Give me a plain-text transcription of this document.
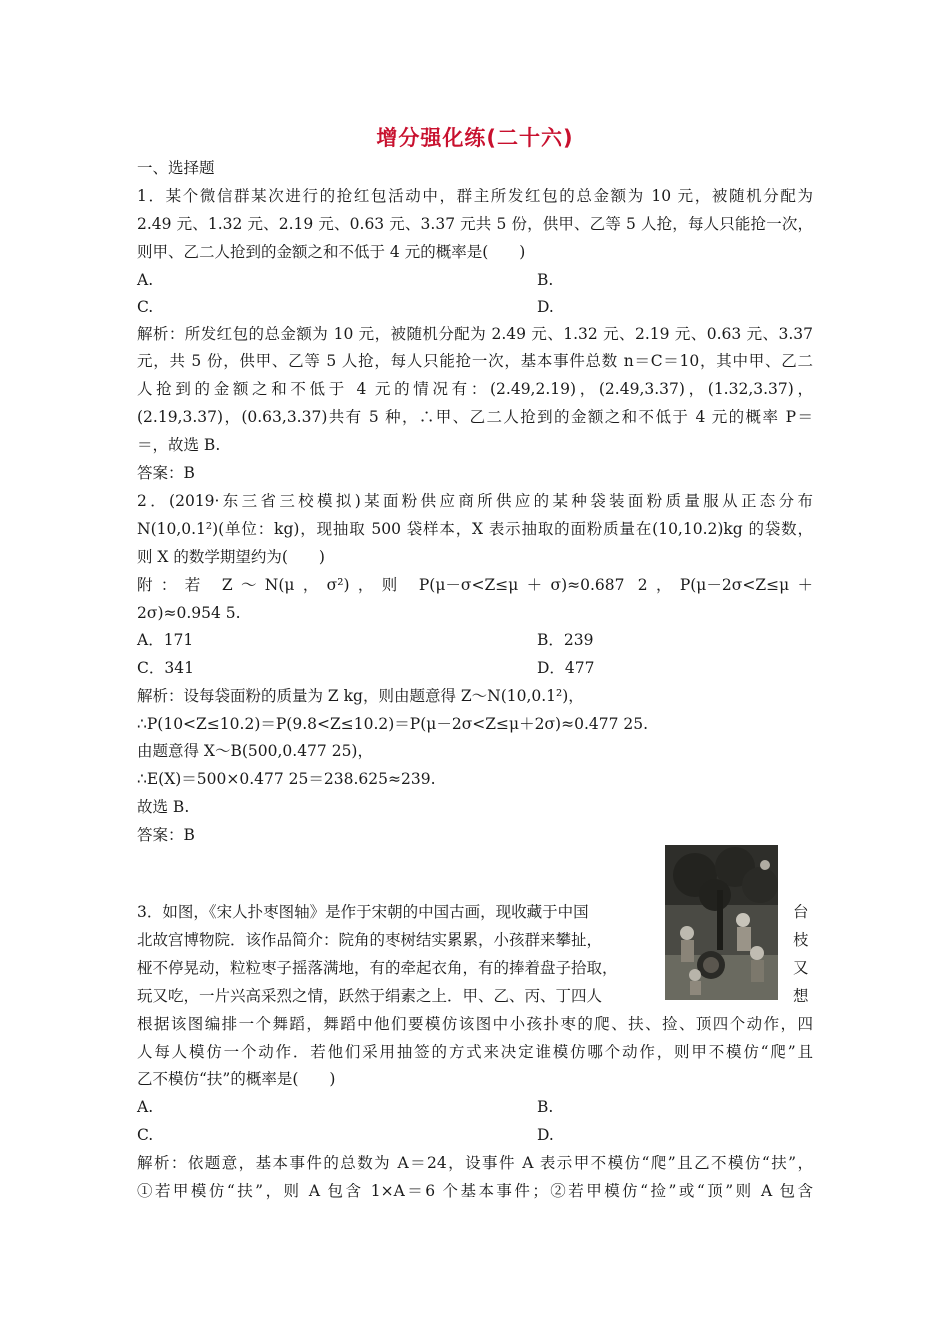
增分强化练(二十六)
一、选择题
1．某个微信群某次进行的抢红包活动中，群主所发红包的总金额为 10 元，被随机分配为
2.49 元、1.32 元、2.19 元、0.63 元、3.37 元共 5 份，供甲、乙等 5 人抢，每人只能抢一次，
则甲、乙二人抢到的金额之和不低于 4 元的概率是(　　)
A.	B.
C.	D.
解析：所发红包的总金额为 10 元，被随机分配为 2.49 元、1.32 元、2.19 元、0.63 元、3.37
元，共 5 份，供甲、乙等 5 人抢，每人只能抢一次，基本事件总数 n＝C＝10，其中甲、乙二
人抢到的金额之和不低于 4 元的情况有：(2.49,2.19)，(2.49,3.37)，(1.32,3.37)，
(2.19,3.37)，(0.63,3.37)共有 5 种，∴甲、乙二人抢到的金额之和不低于 4 元的概率 P＝
＝，故选 B.
答案：B
2．(2019·东三省三校模拟)某面粉供应商所供应的某种袋装面粉质量服从正态分布
N(10,0.1²)(单位：kg)，现抽取 500 袋样本，X 表示抽取的面粉质量在(10,10.2)kg 的袋数，
则 X 的数学期望约为(　　)
附：若 Z～N(μ，σ²)，则 P(μ－σ<Z≤μ＋σ)≈0.687 2，P(μ－2σ<Z≤μ＋
2σ)≈0.954 5.
A．171	B．239
C．341	D．477
解析：设每袋面粉的质量为 Z kg，则由题意得 Z～N(10,0.1²)，
∴P(10<Z≤10.2)＝P(9.8<Z≤10.2)＝P(μ－2σ<Z≤μ＋2σ)≈0.477 25.
由题意得 X～B(500,0.477 25)，
∴E(X)＝500×0.477 25＝238.625≈239.
故选 B.
答案：B
3．如图，《宋人扑枣图轴》是作于宋朝的中国古画，现收藏于中国	台
北故宫博物院．该作品简介：院角的枣树结实累累，小孩群来攀扯，	枝
桠不停晃动，粒粒枣子摇落满地，有的牵起衣角，有的捧着盘子拾取，	又
玩又吃，一片兴高采烈之情，跃然于绢素之上．甲、乙、丙、丁四人	想
根据该图编排一个舞蹈，舞蹈中他们要模仿该图中小孩扑枣的爬、扶、捡、顶四个动作，四
人每人模仿一个动作．若他们采用抽签的方式来决定谁模仿哪个动作，则甲不模仿“爬”且
乙不模仿“扶”的概率是(　　)
A.	B.
C.	D.
解析：依题意，基本事件的总数为 A＝24，设事件 A 表示甲不模仿“爬”且乙不模仿“扶”，
①若甲模仿“扶”，则 A 包含 1×A＝6 个基本事件；②若甲模仿“捡”或“顶”则 A 包含
